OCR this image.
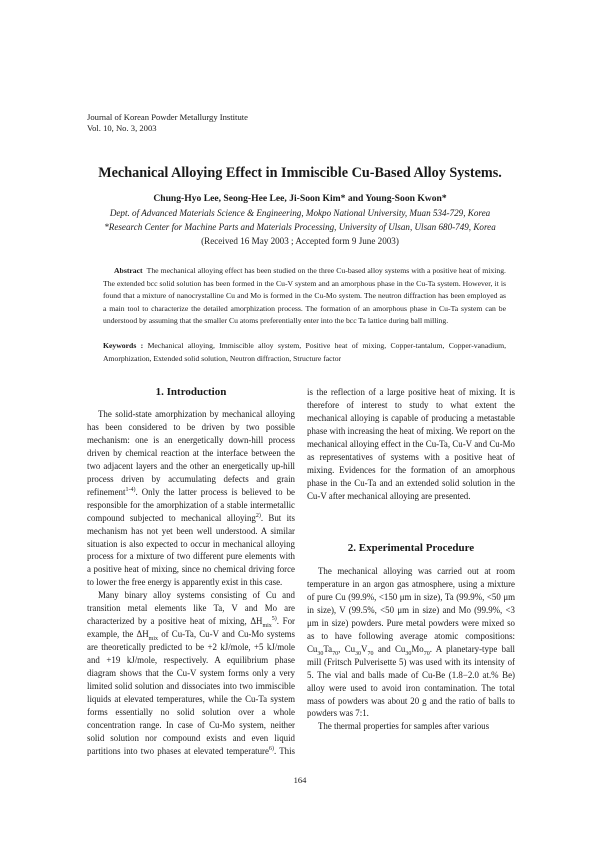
Journal of Korean Powder Metallurgy Institute
Vol. 10, No. 3, 2003
Mechanical Alloying Effect in Immiscible Cu-Based Alloy Systems.
Chung-Hyo Lee, Seong-Hee Lee, Ji-Soon Kim* and Young-Soon Kwon*
Dept. of Advanced Materials Science & Engineering, Mokpo National University, Muan 534-729, Korea
*Research Center for Machine Parts and Materials Processing, University of Ulsan, Ulsan 680-749, Korea
(Received 16 May 2003 ; Accepted form 9 June 2003)
Abstract The mechanical alloying effect has been studied on the three Cu-based alloy systems with a positive heat of mixing. The extended bcc solid solution has been formed in the Cu-V system and an amorphous phase in the Cu-Ta system. However, it is found that a mixture of nanocrystalline Cu and Mo is formed in the Cu-Mo system. The neutron diffraction has been employed as a main tool to characterize the detailed amorphization process. The formation of an amorphous phase in Cu-Ta system can be understood by assuming that the smaller Cu atoms preferentially enter into the bcc Ta lattice during ball milling.
Keywords : Mechanical alloying, Immiscible alloy system, Positive heat of mixing, Copper-tantalum, Copper-vanadium, Amorphization, Extended solid solution, Neutron diffraction, Structure factor
1. Introduction

The solid-state amorphization by mechanical alloying has been considered to be driven by two possible mechanism: one is an energetically down-hill process driven by chemical reaction at the interface between the two adjacent layers and the other an energetically up-hill process driven by accumulating defects and grain refinement$^{1-4)}$. Only the latter process is believed to be responsible for the amorphization of a stable intermetallic compound subjected to mechanical alloying$^{2)}$. But its mechanism has not yet been well understood. A similar situation is also expected to occur in mechanical alloying process for a mixture of two different pure elements with a positive heat of mixing, since no chemical driving force to lower the free energy is apparently exist in this case.

Many binary alloy systems consisting of Cu and transition metal elements like Ta, V and Mo are characterized by a positive heat of mixing, $\Delta H_{mix}^{5)}$. For example, the $\Delta H_{mix}$ of Cu-Ta, Cu-V and Cu-Mo systems are theoretically predicted to be +2 kJ/mole, +5 kJ/mole and +19 kJ/mole, respectively. A equilibrium phase diagram shows that the Cu-V system forms only a very limited solid solution and dissociates into two immiscible liquids at elevated temperatures, while the Cu-Ta system forms essentially no solid solution over a whole concentration range. In case of Cu-Mo system, neither solid solution nor compound exists and even liquid partitions into two phases at elevated temperature$^{6)}$. This

is the reflection of a large positive heat of mixing. It is therefore of interest to study to what extent the mechanical alloying is capable of producing a metastable phase with increasing the heat of mixing. We report on the mechanical alloying effect in the Cu-Ta, Cu-V and Cu-Mo as representatives of systems with a positive heat of mixing. Evidences for the formation of an amorphous phase in the Cu-Ta and an extended solid solution in the Cu-V after mechanical alloying are presented.

2. Experimental Procedure

The mechanical alloying was carried out at room temperature in an argon gas atmosphere, using a mixture of pure Cu (99.9%, <150 μm in size), Ta (99.9%, <50 μm in size), V (99.5%, <50 μm in size) and Mo (99.9%, <3 μm in size) powders. Pure metal powders were mixed so as to have following average atomic compositions: $Cu_{30}Ta_{70}$, $Cu_{30}V_{70}$ and $Cu_{30}Mo_{70}$. A planetary-type ball mill (Fritsch Pulverisette 5) was used with its intensity of 5. The vial and balls made of Cu-Be (1.8−2.0 at.% Be) alloy were used to avoid iron contamination. The total mass of powders was about 20 g and the ratio of balls to powders was 7:1.

The thermal properties for samples after various

164
